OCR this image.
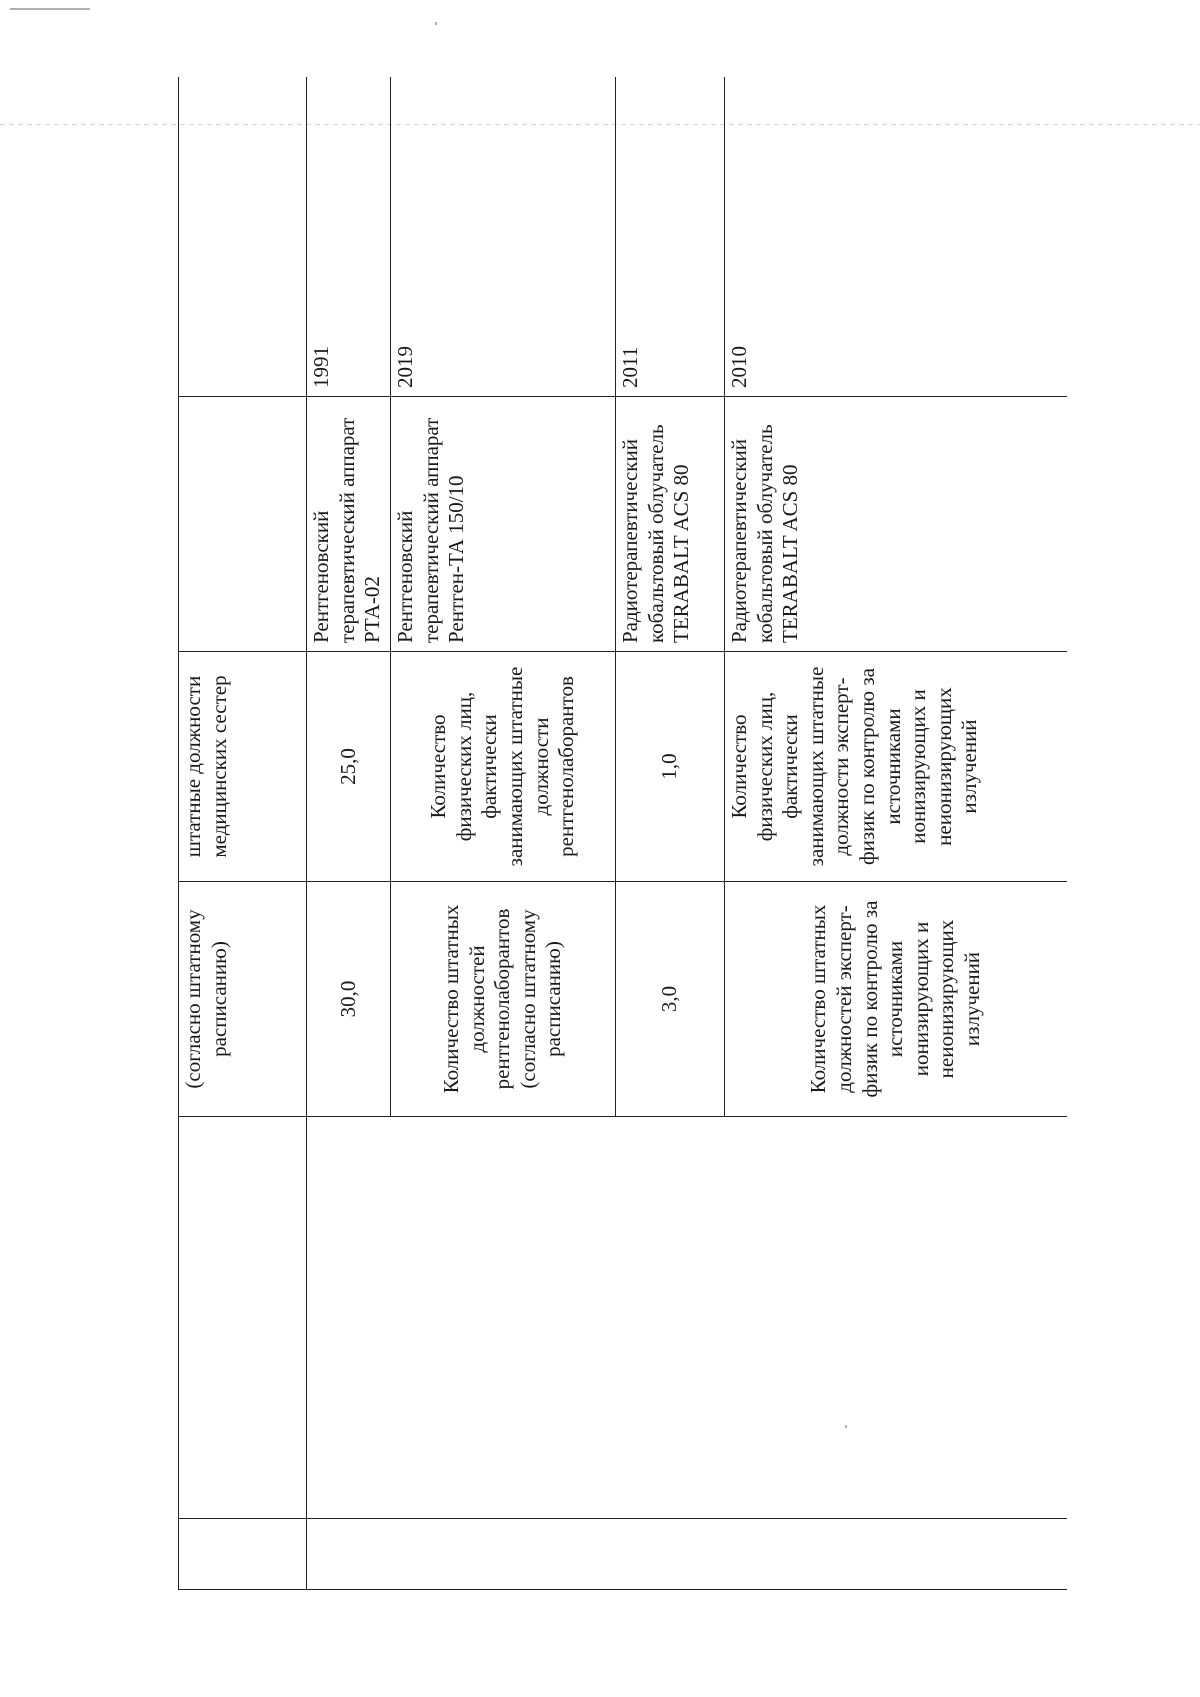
		(согласно штатному расписанию)	штатные должности медицинских сестер		
		30,0	25,0	Рентгеновский терапевтический аппарат РТА-02	1991
		Количество штатных должностей рентгенолаборантов (согласно штатному расписанию)	Количество физических лиц, фактически занимающих штатные должности рентгенолаборантов	Рентгеновский терапевтический аппарат Рентген-ТА 150/10	2019
		3,0	1,0	Радиотерапевтический кобальтовый облучатель TERABALT ACS 80	2011
		Количество штатных должностей эксперт-физик по контролю за источниками ионизирующих и неионизирующих излучений	Количество физических лиц, фактически занимающих штатные должности эксперт-физик по контролю за источниками ионизирующих и неионизирующих излучений	Радиотерапевтический кобальтовый облучатель TERABALT ACS 80	2010
